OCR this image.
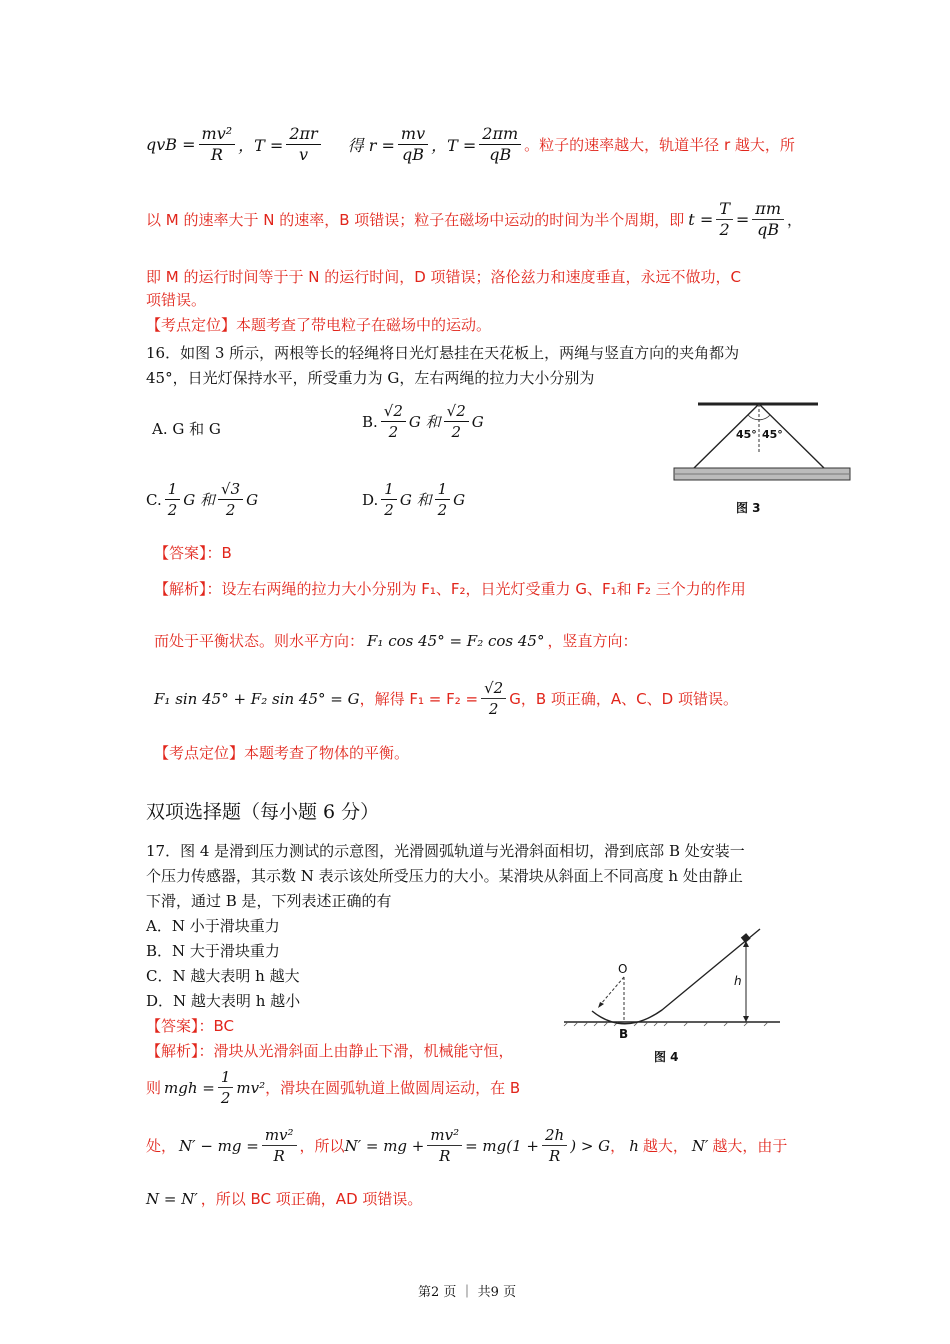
qvB = $\frac{\text{mv²}}{R}$ ，$T = \frac{2\pi r}{v}$ 得 $r = \frac{mv}{qB}$ ，$T = \frac{2\pi m}{qB}$ 。粒子的速率越大，轨道半径 r 越大，所
以 M 的速率大于 N 的速率，B 项错误；粒子在磁场中运动的时间为半个周期，即 $t = \frac{T}{2} = \frac{\pi m}{qB}$ ，
即 M 的运行时间等于于 N 的运行时间，D 项错误；洛伦兹力和速度垂直，永远不做功，C
项错误。
【考点定位】本题考查了带电粒子在磁场中的运动。
16．如图 3 所示，两根等长的轻绳将日光灯悬挂在天花板上，两绳与竖直方向的夹角都为
45°，日光灯保持水平，所受重力为 G，左右两绳的拉力大小分别为
A. G 和 G	B. $\frac{√2}{2}$ G 和 $\frac{√2}{2}$ G
C. $\frac{1}{2}$ G 和 $\frac{√3}{2}$ G	D. $\frac{1}{2}$ G 和 $\frac{1}{2}$ G
45° 45°
图 3
【答案】：B
【解析】：设左右两绳的拉力大小分别为 F₁、F₂，日光灯受重力 G、F₁和 F₂ 三个力的作用
而处于平衡状态。则水平方向： F₁ cos 45° = F₂ cos 45° ，竖直方向：
F₁ sin 45° + F₂ sin 45° = G ，解得 $F_1 = F_2 = \frac{√2}{2}$ G，B 项正确，A、C、D 项错误。
【考点定位】本题考查了物体的平衡。
双项选择题（每小题 6 分）
17．图 4 是滑到压力测试的示意图，光滑圆弧轨道与光滑斜面相切，滑到底部 B 处安装一
个压力传感器，其示数 N 表示该处所受压力的大小。某滑块从斜面上不同高度 h 处由静止
下滑，通过 B 是，下列表述正确的有
A．N 小于滑块重力
B．N 大于滑块重力
C．N 越大表明 h 越大
D．N 越大表明 h 越小
【答案】：BC
【解析】：滑块从光滑斜面上由静止下滑，机械能守恒，
则 mgh = $\frac{1}{2} mv^2$ ，滑块在圆弧轨道上做圆周运动，在 B
处， N′ − mg = $\frac{\text{mv²}}{R}$ ，所以 N′ = mg + $\frac{\text{mv²}}{R} = mg(1 + \frac{2h}{R}$ ) > G ， h 越大， N′ 越大，由于
N = N′ ，所以 BC 项正确，AD 项错误。
O
B
h
图 4
第2 页 ｜ 共9 页
